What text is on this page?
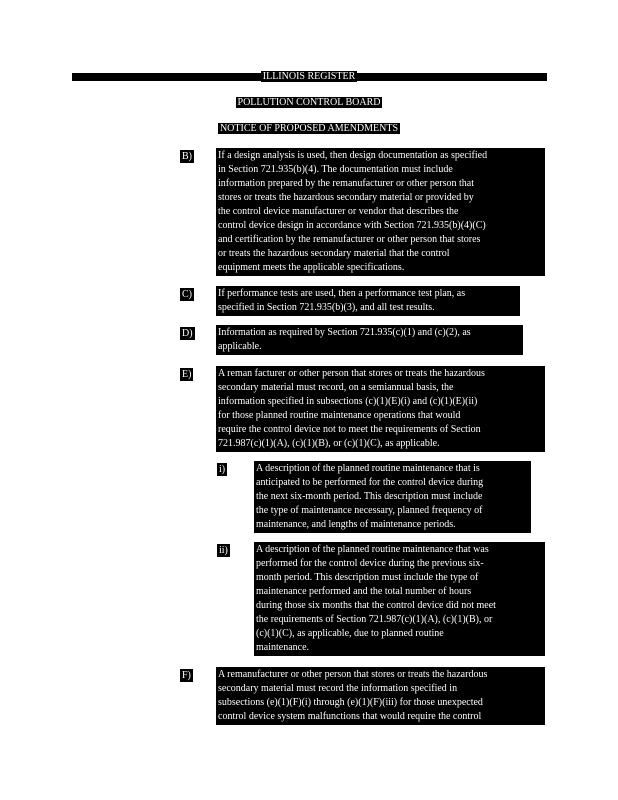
ILLINOIS REGISTER
POLLUTION CONTROL BOARD
NOTICE OF PROPOSED AMENDMENTS
B)	If a design analysis is used, then design documentation as specified
in Section 721.935(b)(4). The documentation must include
information prepared by the remanufacturer or other person that
stores or treats the hazardous secondary material or provided by
the control device manufacturer or vendor that describes the
control device design in accordance with Section 721.935(b)(4)(C)
and certification by the remanufacturer or other person that stores
or treats the hazardous secondary material that the control
equipment meets the applicable specifications.
C)	If performance tests are used, then a performance test plan, as
specified in Section 721.935(b)(3), and all test results.
D)	Information as required by Section 721.935(c)(1) and (c)(2), as
applicable.
E)	A reman facturer or other person that stores or treats the hazardous
secondary material must record, on a semiannual basis, the
information specified in subsections (c)(1)(E)(i) and (c)(1)(E)(ii)
for those planned routine maintenance operations that would
require the control device not to meet the requirements of Section
721.987(c)(1)(A), (c)(1)(B), or (c)(1)(C), as applicable.
i)	A description of the planned routine maintenance that is
anticipated to be performed for the control device during
the next six-month period. This description must include
the type of maintenance necessary, planned frequency of
maintenance, and lengths of maintenance periods.
ii)	A description of the planned routine maintenance that was
performed for the control device during the previous six-
month period. This description must include the type of
maintenance performed and the total number of hours
during those six months that the control device did not meet
the requirements of Section 721.987(c)(1)(A), (c)(1)(B), or
(c)(1)(C), as applicable, due to planned routine
maintenance.
F)	A remanufacturer or other person that stores or treats the hazardous
secondary material must record the information specified in
subsections (e)(1)(F)(i) through (e)(1)(F)(iii) for those unexpected
control device system malfunctions that would require the control
